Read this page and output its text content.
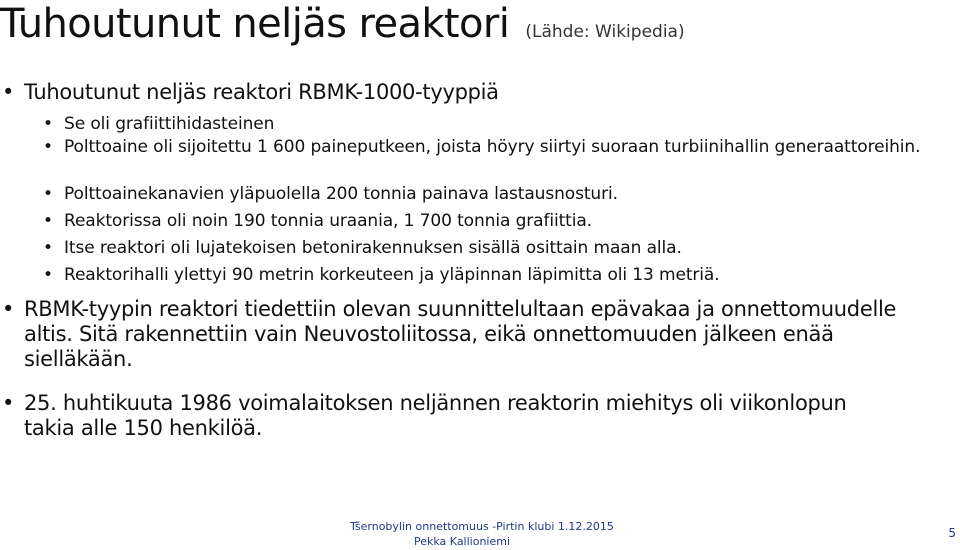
Tuhoutunut neljäs reaktori (Lähde: Wikipedia)
• Tuhoutunut neljäs reaktori RBMK-1000-tyyppiä
• Se oli grafiittihidasteinen
• Polttoaine oli sijoitettu 1 600 paineputkeen, joista höyry siirtyi suoraan turbiinihallin generaattoreihin.
• Polttoainekanavien yläpuolella 200 tonnia painava lastausnosturi.
• Reaktorissa oli noin 190 tonnia uraania, 1 700 tonnia grafiittia.
• Itse reaktori oli lujatekoisen betonirakennuksen sisällä osittain maan alla.
• Reaktorihalli ylettyi 90 metrin korkeuteen ja yläpinnan läpimitta oli 13 metriä.
• RBMK-tyypin reaktori tiedettiin olevan suunnittelultaan epävakaa ja onnettomuudelle altis. Sitä rakennettiin vain Neuvostoliitossa, eikä onnettomuuden jälkeen enää sielläkään.
• 25. huhtikuuta 1986 voimalaitoksen neljännen reaktorin miehitys oli viikonlopun takia alle 150 henkilöä.
Tšernobylin onnettomuus -Pirtin klubi 1.12.2015
Pekka Kallioniemi
5
